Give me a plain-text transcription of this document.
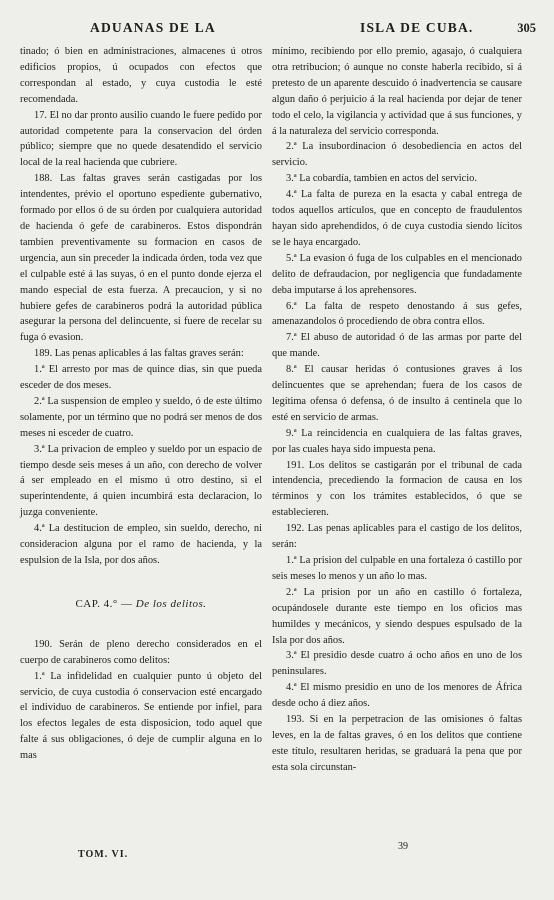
ADUANAS DE LA	ISLA DE CUBA.	305

tinado; ó bien en administraciones, almacenes ú otros edificios propios, ú ocupados con efectos que correspondan al estado, y cuya custodia le esté recomendada.

17. El no dar pronto ausilio cuando le fuere pedido por autoridad competente para la conservacion del órden público; siempre que no quede desatendido el servicio local de la real hacienda que cubriere.

188. Las faltas graves serán castigadas por los intendentes, prévio el oportuno espediente gubernativo, formado por ellos ó de su órden por cualquiera autoridad de hacienda ó gefe de carabineros. Estos dispondrán tambien preventivamente su formacion en casos de urgencia, aun sin preceder la indicada órden, toda vez que el culpable esté á las suyas, ó en el punto donde ejerza el mando especial de esta fuerza. A precaucion, y si no hubiere gefes de carabineros podrá la autoridad pública asegurar la persona del delincuente, si fuere de recelar su fuga ó evasion.

189. Las penas aplicables á las faltas graves serán:

1.ª El arresto por mas de quince dias, sin que pueda esceder de dos meses.

2.ª La suspension de empleo y sueldo, ó de este último solamente, por un término que no podrá ser menos de dos meses ni esceder de cuatro.

3.ª La privacion de empleo y sueldo por un espacio de tiempo desde seis meses á un año, con derecho de volver á ser empleado en el mismo ú otro destino, si el superintendente, á quien incumbirá esta declaracion, lo juzga conveniente.

4.ª La destitucion de empleo, sin sueldo, derecho, ni consideracion alguna por el ramo de hacienda, y la espulsion de la Isla, por dos años.

CAP. 4.° — De los delitos.

190. Serán de pleno derecho considerados en el cuerpo de carabineros como delitos:

1.ª La infidelidad en cualquier punto ú objeto del servicio, de cuya custodia ó conservacion esté encargado el individuo de carabineros. Se entiende por infiel, para los efectos legales de esta disposicion, todo aquel que falte á sus obligaciones, ó deje de cumplir alguna en lo mas

mínimo, recibiendo por ello premio, agasajo, ó cualquiera otra retribucion; ó aunque no conste haberla recibido, si á pretesto de un aparente descuido ó inadvertencia se causare algun daño ó perjuicio á la real hacienda por dejar de tener todo el celo, la vigilancia y actividad que á sus funciones, y á la naturaleza del servicio corresponda.

2.ª La insubordinacion ó desobediencia en actos del servicio.

3.ª La cobardía, tambien en actos del servicio.

4.ª La falta de pureza en la esacta y cabal entrega de todos aquellos artículos, que en concepto de fraudulentos hayan sido aprehendidos, ó de cuya custodia siendo lícitos se le haya encargado.

5.ª La evasion ó fuga de los culpables en el mencionado delito de defraudacion, por negligencia que fundadamente deba imputarse á los aprehensores.

6.ª La falta de respeto denostando á sus gefes, amenazandolos ó procediendo de obra contra ellos.

7.ª El abuso de autoridad ó de las armas por parte del que mande.

8.ª El causar heridas ó contusiones graves á los delincuentes que se aprehendan; fuera de los casos de legítima ofensa ó defensa, ó de insulto á centinela que lo esté en servicio de armas.

9.ª La reincidencia en cualquiera de las faltas graves, por las cuales haya sido impuesta pena.

191. Los delitos se castigarán por el tribunal de cada intendencia, precediendo la formacion de causa en los términos y con los trámites establecidos, ó que se establecieren.

192. Las penas aplicables para el castigo de los delitos, serán:

1.ª La prision del culpable en una fortaleza ó castillo por seis meses lo menos y un año lo mas.

2.ª La prision por un año en castillo ó fortaleza, ocupándosele durante este tiempo en los oficios mas humildes y mecánicos, y siendo despues espulsado de la Isla por dos años.

3.ª El presidio desde cuatro á ocho años en uno de los peninsulares.

4.ª El mismo presidio en uno de los menores de África desde ocho á diez años.

193. Si en la perpetracion de las omisiones ó faltas leves, en la de faltas graves, ó en los delitos que contiene este título, resultaren heridas, se graduará la pena que por esta sola circunstan-

TOM. VI.
39
